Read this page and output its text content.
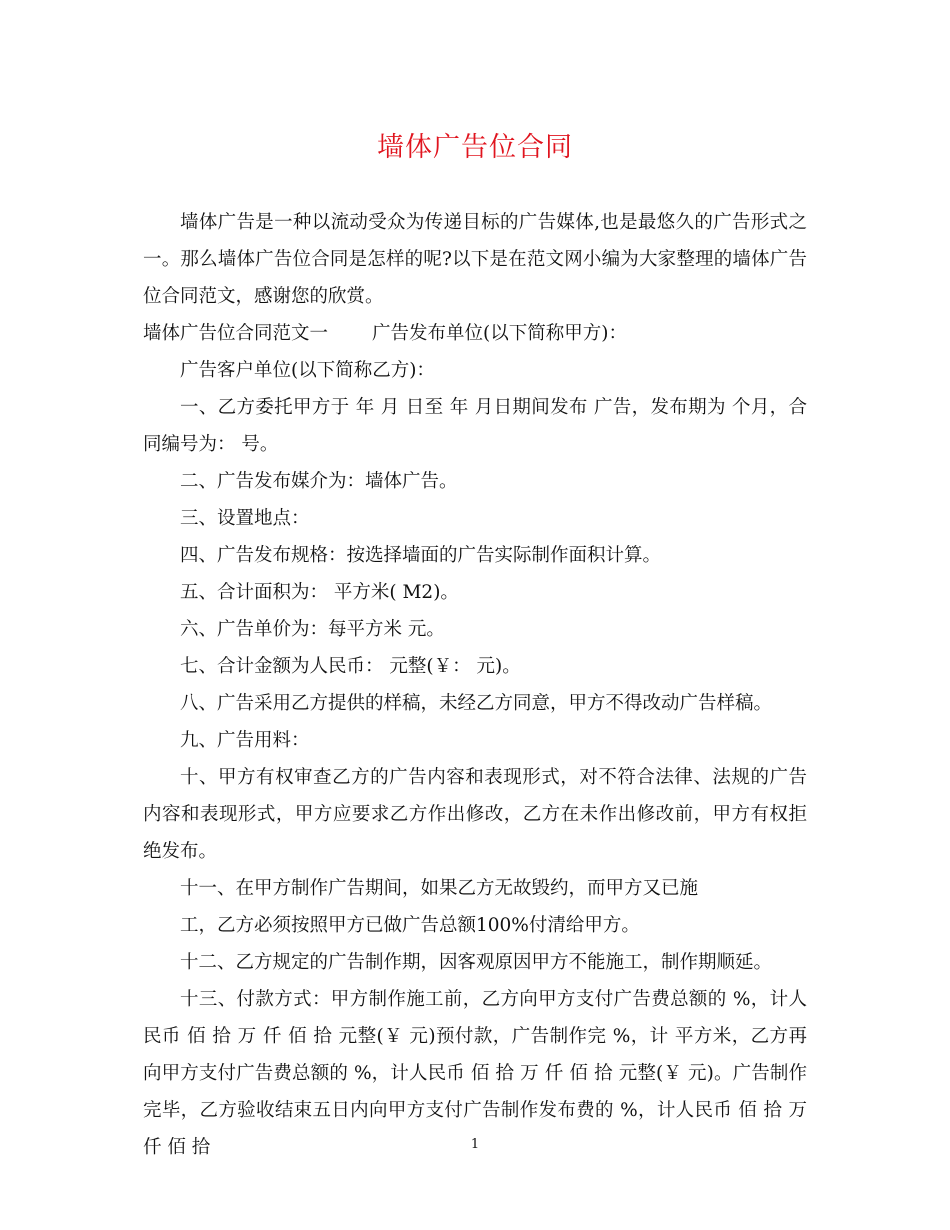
墙体广告位合同

墙体广告是一种以流动受众为传递目标的广告媒体,也是最悠久的广告形式之一。那么墙体广告位合同是怎样的呢?以下是在范文网小编为大家整理的墙体广告位合同范文，感谢您的欣赏。

墙体广告位合同范文一 广告发布单位(以下简称甲方)：

广告客户单位(以下简称乙方)：

一、乙方委托甲方于 年 月 日至 年 月日期间发布 广告，发布期为 个月，合同编号为： 号。

二、广告发布媒介为：墙体广告。

三、设置地点：

四、广告发布规格：按选择墙面的广告实际制作面积计算。

五、合计面积为： 平方米( M2)。

六、广告单价为：每平方米 元。

七、合计金额为人民币： 元整(￥： 元)。

八、广告采用乙方提供的样稿，未经乙方同意，甲方不得改动广告样稿。

九、广告用料：

十、甲方有权审查乙方的广告内容和表现形式，对不符合法律、法规的广告内容和表现形式，甲方应要求乙方作出修改，乙方在未作出修改前，甲方有权拒绝发布。

十一、在甲方制作广告期间，如果乙方无故毁约，而甲方又已施

工，乙方必须按照甲方已做广告总额100%付清给甲方。

十二、乙方规定的广告制作期，因客观原因甲方不能施工，制作期顺延。

十三、付款方式：甲方制作施工前，乙方向甲方支付广告费总额的 %，计人民币 佰 拾 万 仟 佰 拾 元整(￥ 元)预付款，广告制作完 %，计 平方米，乙方再向甲方支付广告费总额的 %，计人民币 佰 拾 万 仟 佰 拾 元整(￥ 元)。广告制作完毕，乙方验收结束五日内向甲方支付广告制作发布费的 %，计人民币 佰 拾 万 仟 佰 拾	1
